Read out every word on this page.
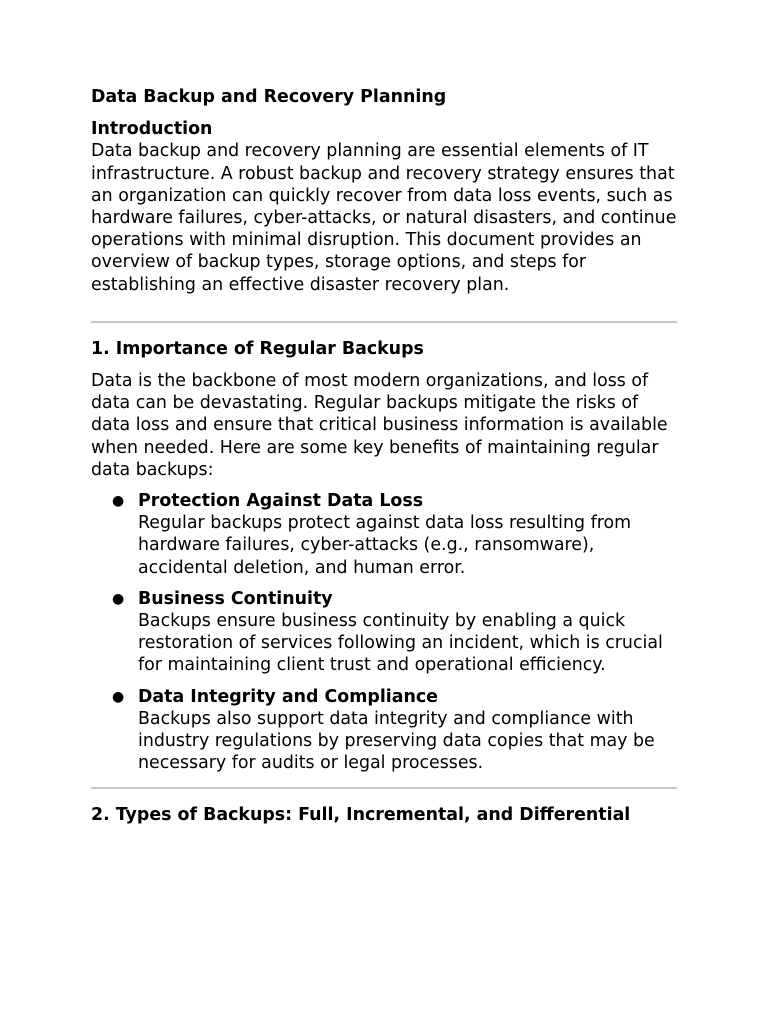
Data Backup and Recovery Planning
Introduction

Data backup and recovery planning are essential elements of IT infrastructure. A robust backup and recovery strategy ensures that an organization can quickly recover from data loss events, such as hardware failures, cyber-attacks, or natural disasters, and continue operations with minimal disruption. This document provides an overview of backup types, storage options, and steps for establishing an effective disaster recovery plan.

1. Importance of Regular Backups

Data is the backbone of most modern organizations, and loss of data can be devastating. Regular backups mitigate the risks of data loss and ensure that critical business information is available when needed. Here are some key benefits of maintaining regular data backups:

● Protection Against Data Loss
Regular backups protect against data loss resulting from hardware failures, cyber-attacks (e.g., ransomware), accidental deletion, and human error.
● Business Continuity
Backups ensure business continuity by enabling a quick restoration of services following an incident, which is crucial for maintaining client trust and operational efficiency.
● Data Integrity and Compliance
Backups also support data integrity and compliance with industry regulations by preserving data copies that may be necessary for audits or legal processes.
2. Types of Backups: Full, Incremental, and Differential
